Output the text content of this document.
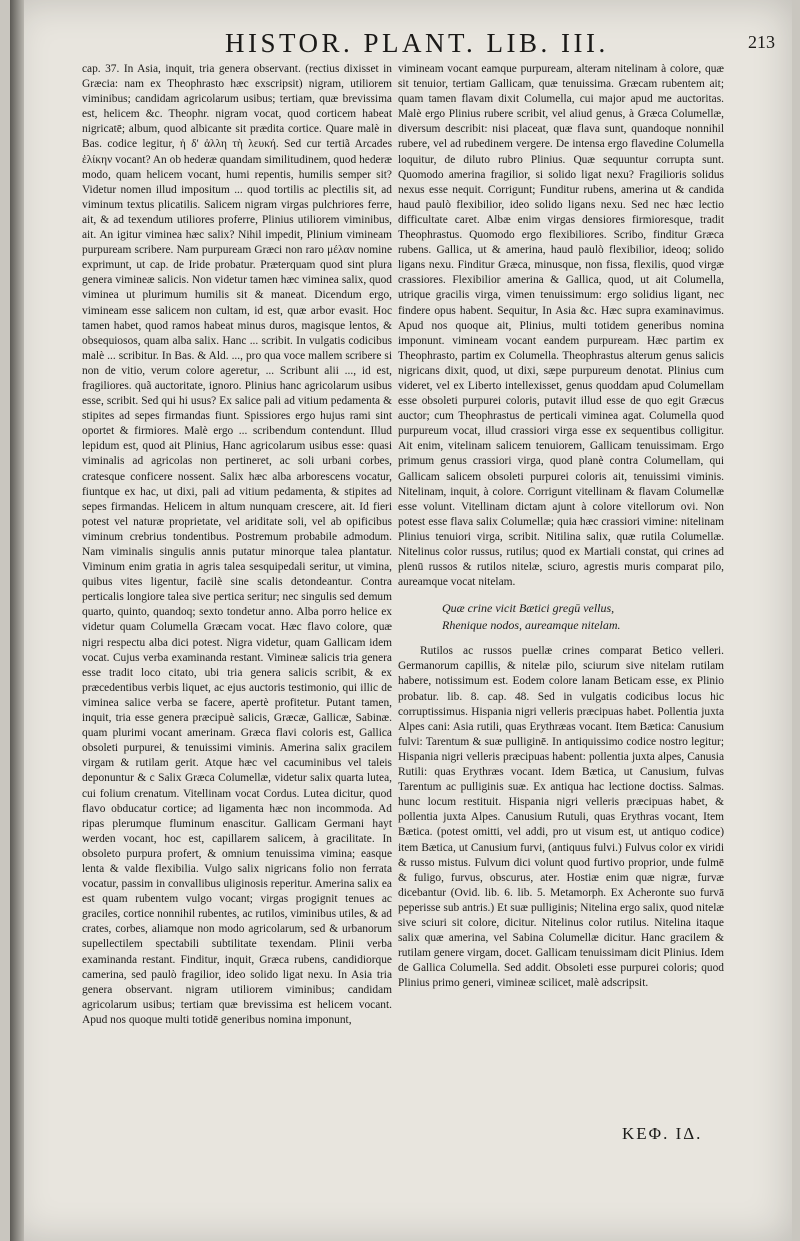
HISTOR. PLANT. LIB. III.	213

cap. 37. In Asia, inquit, tria genera observant. (rectius dixisset in Græcia: nam ex Theophrasto hæc exscripsit) nigram, utiliorem viminibus; candidam agricolarum usibus; tertiam, quæ brevissima est, helicem &c. Theophr. nigram vocat, quod corticem habeat nigricatē; album, quod albicante sit prædita cortice. Quare malè in Bas. codice legitur, ἡ δ' ἀλλη τὴ λευκή. Sed cur tertiã Arcades ἑλίκην vocant? An ob hederæ quandam similitudinem, quod hederæ modo, quam helicem vocant, humi repentis, humilis semper sit? Videtur nomen illud impositum ... quod tortilis ac plectilis sit, ad viminum textus plicatilis. Salicem nigram virgas pulchriores ferre, ait, & ad texendum utiliores proferre, Plinius utiliorem viminibus, ait. An igitur viminea hæc salix? Nihil impedit, Plinium vimineam purpuream scribere. Nam purpuream Græci non raro μέλαν nomine exprimunt, ut cap. de Iride probatur. Præterquam quod sint plura genera vimineæ salicis. Non videtur tamen hæc viminea salix, quod viminea ut plurimum humilis sit & maneat. Dicendum ergo, vimineam esse salicem non cultam, id est, quæ arbor evasit. Hoc tamen habet, quod ramos habeat minus duros, magisque lentos, & obsequiosos, quam alba salix. Hanc ... scribit. In vulgatis codicibus malè ... scribitur. In Bas. & Ald. ..., pro qua voce mallem scribere si non de vitio, verum colore ageretur, ... Scribunt alii ..., id est, fragiliores. quã auctoritate, ignoro. Plinius hanc agricolarum usibus esse, scribit. Sed qui hi usus? Ex salice pali ad vitium pedamenta & stipites ad sepes firmandas fiunt. Spissiores ergo hujus rami sint oportet & firmiores. Malè ergo ... scribendum contendunt. Illud lepidum est, quod ait Plinius, Hanc agricolarum usibus esse: quasi viminalis ad agricolas non pertineret, ac soli urbani corbes, cratesque conficere nossent. Salix hæc alba arborescens vocatur, fiuntque ex hac, ut dixi, pali ad vitium pedamenta, & stipites ad sepes firmandas. Helicem in altum nunquam crescere, ait. Id fieri potest vel naturæ proprietate, vel ariditate soli, vel ab opificibus viminum crebrius tondentibus. Postremum probabile admodum. Nam viminalis singulis annis putatur minorque talea plantatur. Viminum enim gratia in agris talea sesquipedali seritur, ut vimina, quibus vites ligentur, facilè sine scalis detondeantur. Contra perticalis longiore talea sive pertica seritur; nec singulis sed demum quarto, quinto, quandoq; sexto tondetur anno. Alba porro helice ex videtur quam Columella Græcam vocat. Hæc flavo colore, quæ nigri respectu alba dici potest. Nigra videtur, quam Gallicam idem vocat. Cujus verba examinanda restant. Vimineæ salicis tria genera esse tradit loco citato, ubi tria genera salicis scribit, & ex præcedentibus verbis liquet, ac ejus auctoris testimonio, qui illic de viminea salice verba se facere, apertè profitetur. Putant tamen, inquit, tria esse genera præcipuè salicis, Græcæ, Gallicæ, Sabinæ. quam plurimi vocant amerinam. Græca flavi coloris est, Gallica obsoleti purpurei, & tenuissimi viminis. Amerina salix gracilem virgam & rutilam gerit. Atque hæc vel cacuminibus vel taleis deponuntur & c Salix Græca Columellæ, videtur salix quarta lutea, cui folium crenatum. Vitellinam vocat Cordus. Lutea dicitur, quod flavo obducatur cortice; ad ligamenta hæc non incommoda. Ad ripas plerumque fluminum enascitur. Gallicam Germani hayt werden vocant, hoc est, capillarem salicem, à gracilitate. In obsoleto purpura profert, & omnium tenuissima vimina; easque lenta & valde flexibilia. Vulgo salix nigricans folio non ferrata vocatur, passim in convallibus uliginosis reperitur. Amerina salix ea est quam rubentem vulgo vocant; virgas progignit tenues ac graciles, cortice nonnihil rubentes, ac rutilos, viminibus utiles, & ad crates, corbes, aliamque non modo agricolarum, sed & urbanorum supellectilem spectabili subtilitate texendam. Plinii verba examinanda restant. Finditur, inquit, Græca rubens, candidiorque camerina, sed paulò fragilior, ideo solido ligat nexu. In Asia tria genera observant. nigram utiliorem viminibus; candidam agricolarum usibus; tertiam quæ brevissima est helicem vocant. Apud nos quoque multi totidē generibus nomina imponunt,

vimineam vocant eamque purpuream, alteram nitelinam à colore, quæ sit tenuior, tertiam Gallicam, quæ tenuissima. Græcam rubentem ait; quam tamen flavam dixit Columella, cui major apud me auctoritas. Malè ergo Plinius rubere scribit, vel aliud genus, à Græca Columellæ, diversum describit: nisi placeat, quæ flava sunt, quandoque nonnihil rubere, vel ad rubedinem vergere. De intensa ergo flavedine Columella loquitur, de diluto rubro Plinius. Quæ sequuntur corrupta sunt. Quomodo amerina fragilior, si solido ligat nexu? Fragilioris solidus nexus esse nequit. Corrigunt; Funditur rubens, amerina ut & candida haud paulò flexibilior, ideo solido ligans nexu. Sed nec hæc lectio difficultate caret. Albæ enim virgas densiores firmioresque, tradit Theophrastus. Quomodo ergo flexibiliores. Scribo, finditur Græca rubens. Gallica, ut & amerina, haud paulò flexibilior, ideoq; solido ligans nexu. Finditur Græca, minusque, non fissa, flexilis, quod virgæ crassiores. Flexibilior amerina & Gallica, quod, ut ait Columella, utrique gracilis virga, vimen tenuissimum: ergo solidius ligant, nec findere opus habent. Sequitur, In Asia &c. Hæc supra examinavimus. Apud nos quoque ait, Plinius, multi totidem generibus nomina imponunt. vimineam vocant eandem purpuream. Hæc partim ex Theophrasto, partim ex Columella. Theophrastus alterum genus salicis nigricans dixit, quod, ut dixi, sæpe purpureum denotat. Plinius cum videret, vel ex Liberto intellexisset, genus quoddam apud Columellam esse obsoleti purpurei coloris, putavit illud esse de quo egit Græcus auctor; cum Theophrastus de perticali viminea agat. Columella quod purpureum vocat, illud crassiori virga esse ex sequentibus colligitur. Ait enim, vitelinam salicem tenuiorem, Gallicam tenuissimam. Ergo primum genus crassiori virga, quod planè contra Columellam, qui Gallicam salicem obsoleti purpurei coloris ait, tenuissimi viminis. Nitelinam, inquit, à colore. Corrigunt vitellinam & flavam Columellæ esse volunt. Vitellinam dictam ajunt à colore vitellorum ovi. Non potest esse flava salix Columellæ; quia hæc crassiori vimine: nitelinam Plinius tenuiori virga, scribit. Nitilina salix, quæ rutila Columellæ. Nitelinus color russus, rutilus; quod ex Martiali constat, qui crines ad plenū russos & rutilos nitelæ, sciuro, agrestis muris comparat pilo, aureamque vocat nitelam.

Quæ crine vicit Bætici gregū vellus,
Rhenique nodos, aureamque nitelam.

Rutilos ac russos puellæ crines comparat Betico velleri. Germanorum capillis, & nitelæ pilo, sciurum sive nitelam rutilam habere, notissimum est. Eodem colore lanam Beticam esse, ex Plinio probatur. lib. 8. cap. 48. Sed in vulgatis codicibus locus hic corruptissimus. Hispania nigri velleris præcipuas habet. Pollentia juxta Alpes cani: Asia rutili, quas Erythræas vocant. Item Bætica: Canusium fulvi: Tarentum & suæ pulliginē. In antiquissimo codice nostro legitur; Hispania nigri velleris præcipuas habent: pollentia juxta alpes, Canusia Rutili: quas Erythræs vocant. Idem Bætica, ut Canusium, fulvas Tarentum ac pulliginis suæ. Ex antiqua hac lectione doctiss. Salmas. hunc locum restituit. Hispania nigri velleris præcipuas habet, & pollentia juxta Alpes. Canusium Rutuli, quas Erythras vocant, Item Bætica. (potest omitti, vel addi, pro ut visum est, ut antiquo codice) item Bætica, ut Canusium furvi, (antiquus fulvi.) Fulvus color ex viridi & russo mistus. Fulvum dici volunt quod furtivo proprior, unde fulmē & fuligo, furvus, obscurus, ater. Hostiæ enim quæ nigræ, furvæ dicebantur (Ovid. lib. 6. lib. 5. Metamorph. Ex Acheronte suo furvā peperisse sub antris.) Et suæ pulliginis; Nitelina ergo salix, quod nitelæ sive sciuri sit colore, dicitur. Nitelinus color rutilus. Nitelina itaque salix quæ amerina, vel Sabina Columellæ dicitur. Hanc gracilem & rutilam genere virgam, docet. Gallicam tenuissimam dicit Plinius. Idem de Gallica Columella. Sed addit. Obsoleti esse purpurei coloris; quod Plinius primo generi, vimineæ scilicet, malè adscripsit.

ΚΕΦ. ΙΔ.
